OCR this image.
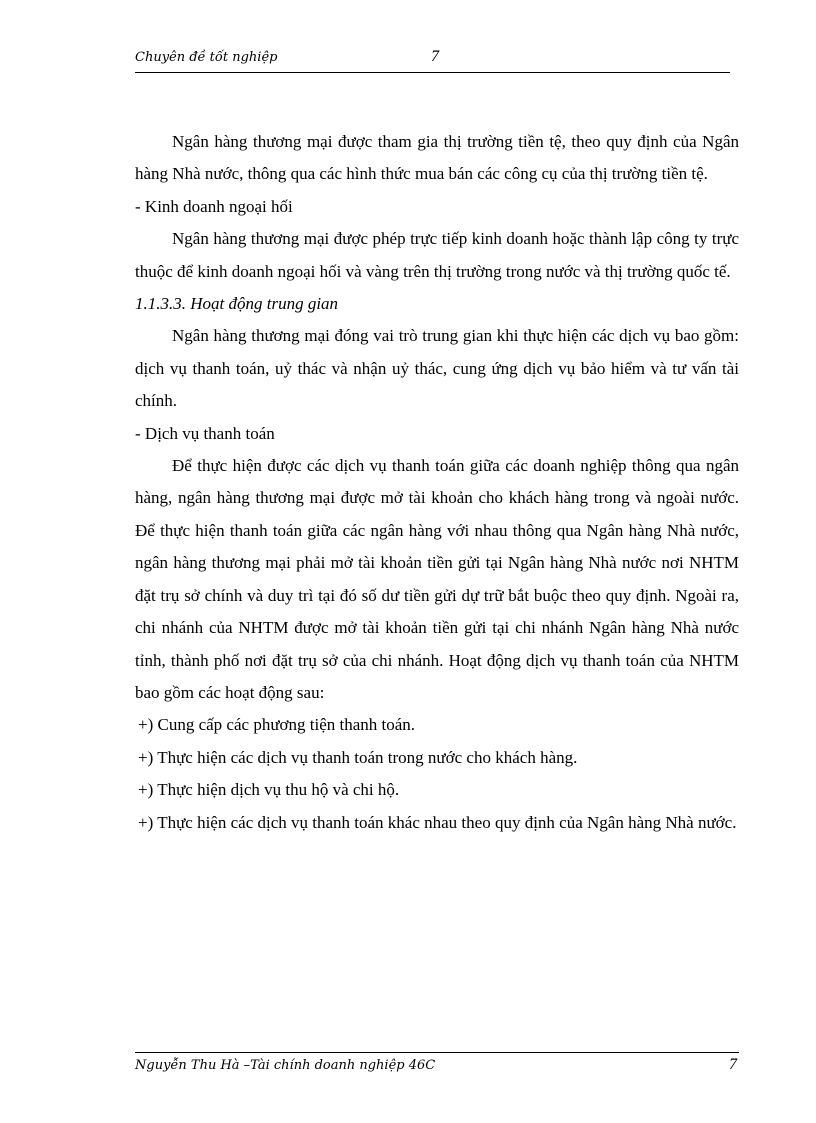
Chuyên đề tốt nghiệp	7

Ngân hàng thương mại được tham gia thị trường tiền tệ, theo quy định của Ngân hàng Nhà nước, thông qua các hình thức mua bán các công cụ của thị trường tiền tệ.

- Kinh doanh ngoại hối

Ngân hàng thương mại được phép trực tiếp kinh doanh hoặc thành lập công ty trực thuộc để kinh doanh ngoại hối và vàng trên thị trường trong nước và thị trường quốc tế.

1.1.3.3. Hoạt động trung gian

Ngân hàng thương mại đóng vai trò trung gian khi thực hiện các dịch vụ bao gồm: dịch vụ thanh toán, uỷ thác và nhận uỷ thác, cung ứng dịch vụ bảo hiểm và tư vấn tài chính.

- Dịch vụ thanh toán

Để thực hiện được các dịch vụ thanh toán giữa các doanh nghiệp thông qua ngân hàng, ngân hàng thương mại được mở tài khoản cho khách hàng trong và ngoài nước. Để thực hiện thanh toán giữa các ngân hàng với nhau thông qua Ngân hàng Nhà nước, ngân hàng thương mại phải mở tài khoản tiền gửi tại Ngân hàng Nhà nước nơi NHTM đặt trụ sở chính và duy trì tại đó số dư tiền gửi dự trữ bắt buộc theo quy định. Ngoài ra, chi nhánh của NHTM được mở tài khoản tiền gửi tại chi nhánh Ngân hàng Nhà nước tỉnh, thành phố nơi đặt trụ sở của chi nhánh. Hoạt động dịch vụ thanh toán của NHTM bao gồm các hoạt động sau:

+) Cung cấp các phương tiện thanh toán.

+) Thực hiện các dịch vụ thanh toán trong nước cho khách hàng.

+) Thực hiện dịch vụ thu hộ và chi hộ.

+) Thực hiện các dịch vụ thanh toán khác nhau theo quy định của Ngân hàng Nhà nước.

Nguyễn Thu Hà –Tài chính doanh nghiệp 46C	7
